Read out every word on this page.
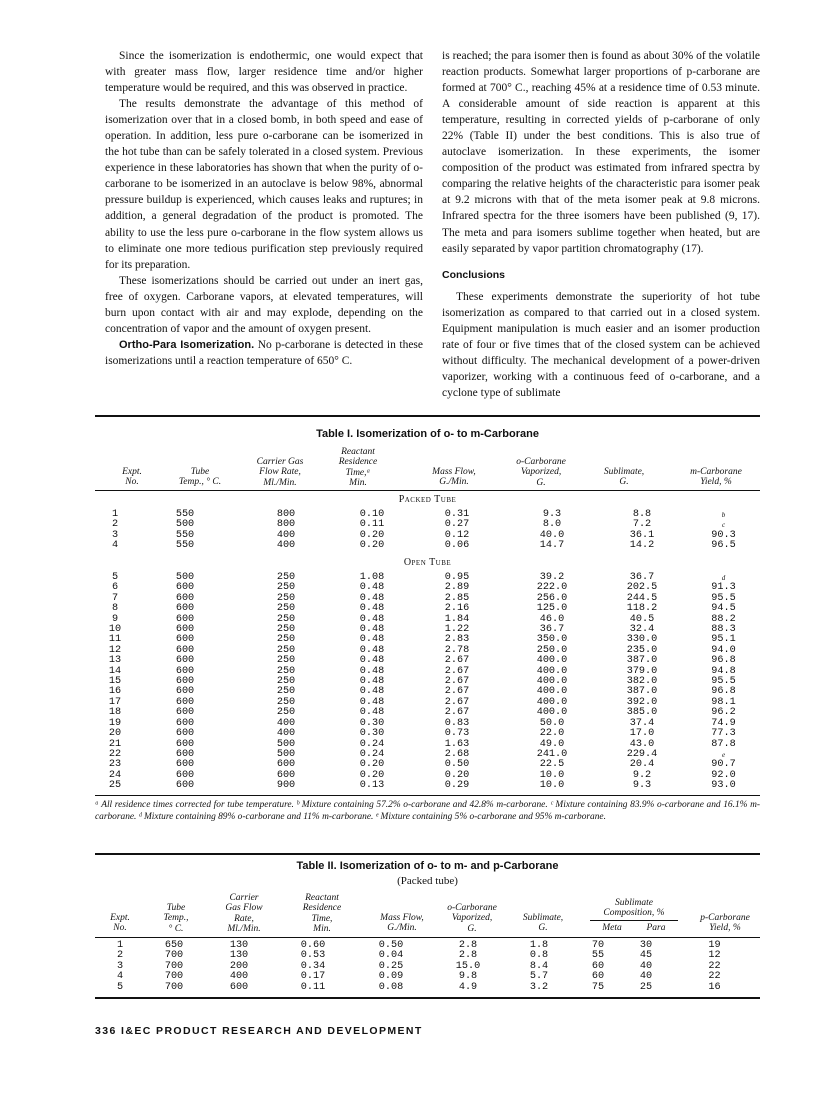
Since the isomerization is endothermic, one would expect that with greater mass flow, larger residence time and/or higher temperature would be required, and this was observed in practice.

The results demonstrate the advantage of this method of isomerization over that in a closed bomb, in both speed and ease of operation. In addition, less pure o-carborane can be isomerized in the hot tube than can be safely tolerated in a closed system. Previous experience in these laboratories has shown that when the purity of o-carborane to be isomerized in an autoclave is below 98%, abnormal pressure buildup is experienced, which causes leaks and ruptures; in addition, a general degradation of the product is promoted. The ability to use the less pure o-carborane in the flow system allows us to eliminate one more tedious purification step previously required for its preparation.

These isomerizations should be carried out under an inert gas, free of oxygen. Carborane vapors, at elevated temperatures, will burn upon contact with air and may explode, depending on the concentration of vapor and the amount of oxygen present.

Ortho-Para Isomerization. No p-carborane is detected in these isomerizations until a reaction temperature of 650° C.

is reached; the para isomer then is found as about 30% of the volatile reaction products. Somewhat larger proportions of p-carborane are formed at 700° C., reaching 45% at a residence time of 0.53 minute. A considerable amount of side reaction is apparent at this temperature, resulting in corrected yields of p-carborane of only 22% (Table II) under the best conditions. This is also true of autoclave isomerization. In these experiments, the isomer composition of the product was estimated from infrared spectra by comparing the relative heights of the characteristic para isomer peak at 9.2 microns with that of the meta isomer peak at 9.8 microns. Infrared spectra for the three isomers have been published (9, 17). The meta and para isomers sublime together when heated, but are easily separated by vapor partition chromatography (17).

Conclusions

These experiments demonstrate the superiority of hot tube isomerization as compared to that carried out in a closed system. Equipment manipulation is much easier and an isomer production rate of four or five times that of the closed system can be achieved without difficulty. The mechanical development of a power-driven vaporizer, working with a continuous feed of o-carborane, and a cyclone type of sublimate

Table I. Isomerization of o- to m-Carborane
Expt.
No.
Tube
Temp., ° C.
Carrier Gas
Flow Rate,
Ml./Min.
Reactant
Residence
Time,ᵃ
Min.
Mass Flow,
G./Min.
o-Carborane
Vaporized,
G.
Sublimate,
G.
m-Carborane
Yield, %
Packed Tube
1	550	800	0.10	0.31	9.3	8.8	b
2	500	800	0.11	0.27	8.0	7.2	c
3	550	400	0.20	0.12	40.0	36.1	90.3
4	550	400	0.20	0.06	14.7	14.2	96.5
Open Tube
5	500	250	1.08	0.95	39.2	36.7	d
6	600	250	0.48	2.89	222.0	202.5	91.3
7	600	250	0.48	2.85	256.0	244.5	95.5
8	600	250	0.48	2.16	125.0	118.2	94.5
9	600	250	0.48	1.84	46.0	40.5	88.2
10	600	250	0.48	1.22	36.7	32.4	88.3
11	600	250	0.48	2.83	350.0	330.0	95.1
12	600	250	0.48	2.78	250.0	235.0	94.0
13	600	250	0.48	2.67	400.0	387.0	96.8
14	600	250	0.48	2.67	400.0	379.0	94.8
15	600	250	0.48	2.67	400.0	382.0	95.5
16	600	250	0.48	2.67	400.0	387.0	96.8
17	600	250	0.48	2.67	400.0	392.0	98.1
18	600	250	0.48	2.67	400.0	385.0	96.2
19	600	400	0.30	0.83	50.0	37.4	74.9
20	600	400	0.30	0.73	22.0	17.0	77.3
21	600	500	0.24	1.63	49.0	43.0	87.8
22	600	500	0.24	2.68	241.0	229.4	e
23	600	600	0.20	0.50	22.5	20.4	90.7
24	600	600	0.20	0.20	10.0	9.2	92.0
25	600	900	0.13	0.29	10.0	9.3	93.0
ᵃ All residence times corrected for tube temperature. ᵇ Mixture containing 57.2% o-carborane and 42.8% m-carborane. ᶜ Mixture containing 83.9% o-carborane and 16.1% m-carborane. ᵈ Mixture containing 89% o-carborane and 11% m-carborane. ᵉ Mixture containing 5% o-carborane and 95% m-carborane.
Table II. Isomerization of o- to m- and p-Carborane
(Packed tube)
Expt.
No.
Tube
Temp.,
° C.
Carrier
Gas Flow
Rate,
Ml./Min.
Reactant
Residence
Time,
Min.
Mass Flow,
G./Min.
o-Carborane
Vaporized,
G.
Sublimate,
G.
Sublimate
Composition, %
Meta	Para
p-Carborane
Yield, %
1	650	130	0.60	0.50	2.8	1.8	70	30	19
2	700	130	0.53	0.04	2.8	0.8	55	45	12
3	700	200	0.34	0.25	15.0	8.4	60	40	22
4	700	400	0.17	0.09	9.8	5.7	60	40	22
5	700	600	0.11	0.08	4.9	3.2	75	25	16
336 I&EC PRODUCT RESEARCH AND DEVELOPMENT
